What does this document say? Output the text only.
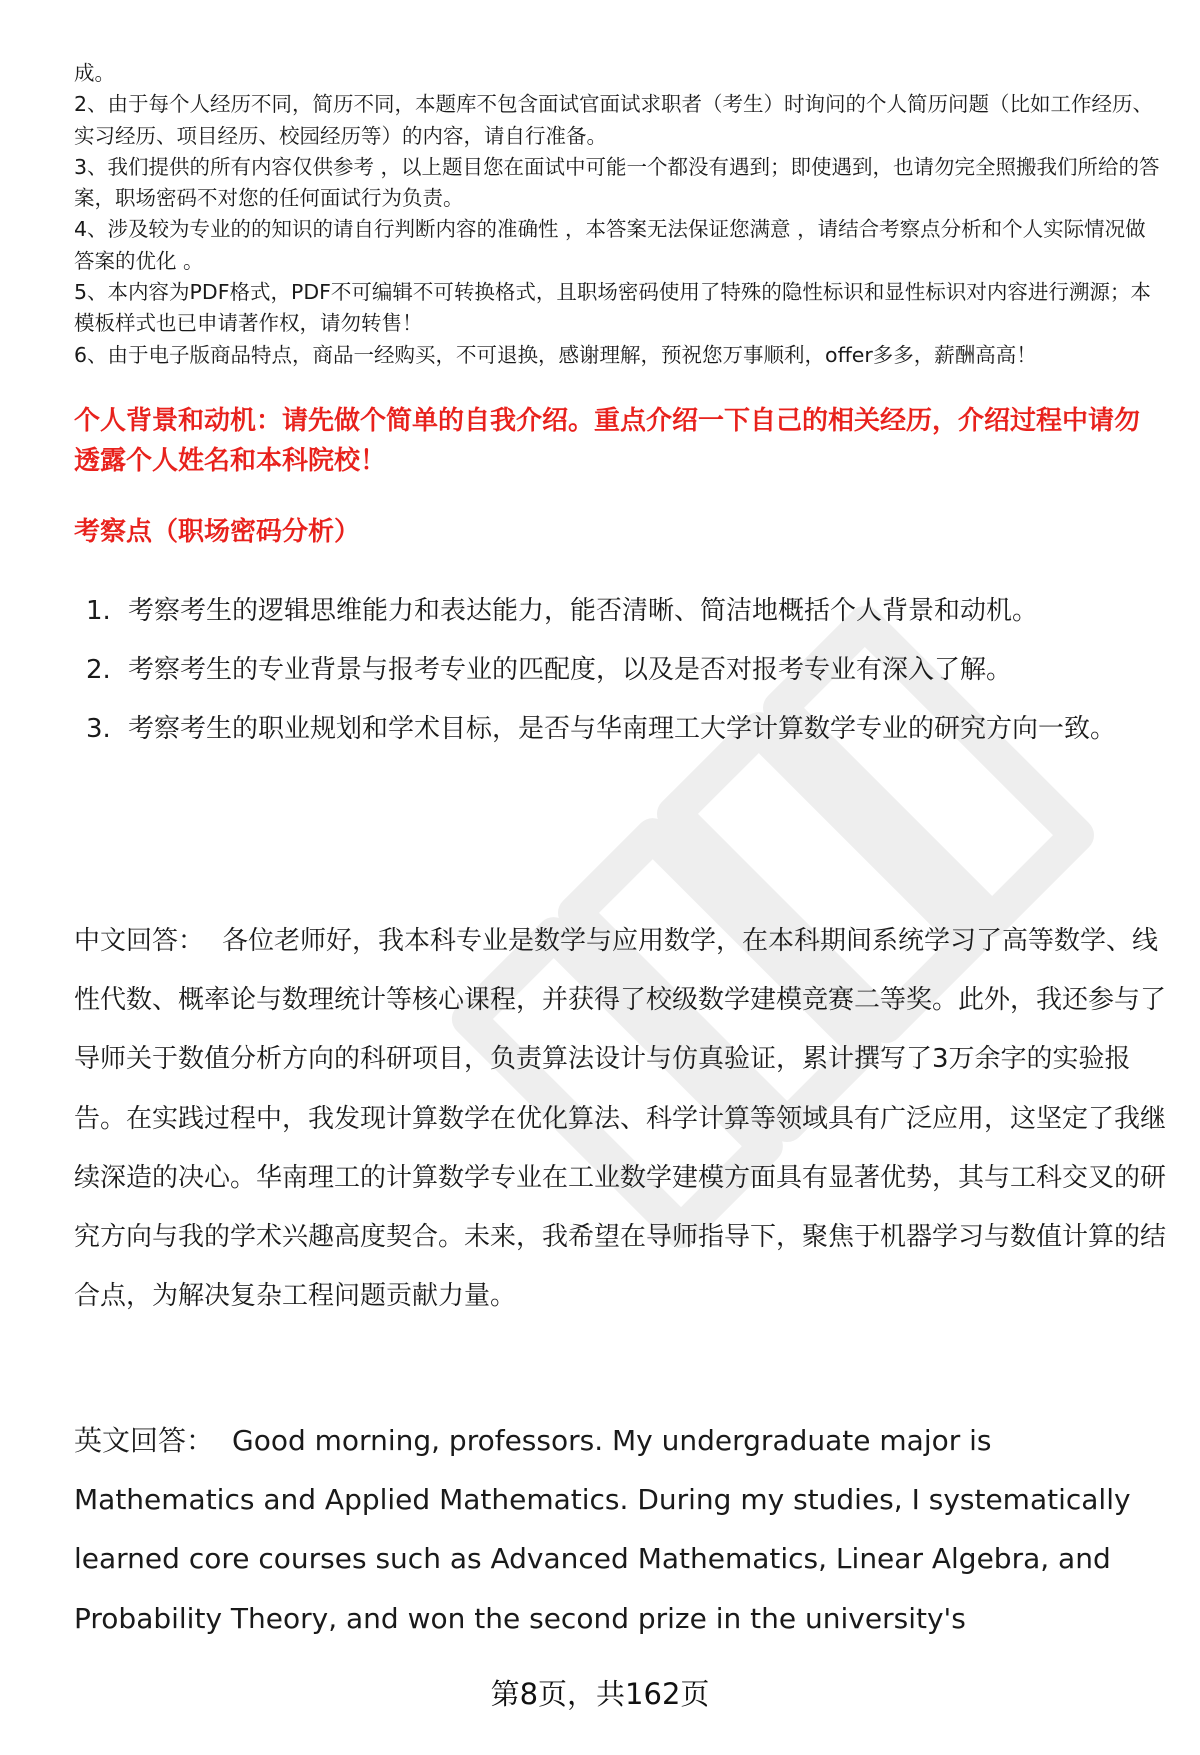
成。

2、由于每个人经历不同，简历不同，本题库不包含面试官面试求职者（考生）时询问的个人简历问题（比如工作经历、实习经历、项目经历、校园经历等）的内容，请自行准备。

3、我们提供的所有内容仅供参考 ，以上题目您在面试中可能一个都没有遇到；即使遇到，也请勿完全照搬我们所给的答案，职场密码不对您的任何面试行为负责。

4、涉及较为专业的的知识的请自行判断内容的准确性 ，本答案无法保证您满意 ，请结合考察点分析和个人实际情况做答案的优化 。

5、本内容为PDF格式，PDF不可编辑不可转换格式，且职场密码使用了特殊的隐性标识和显性标识对内容进行溯源；本模板样式也已申请著作权，请勿转售！

6、由于电子版商品特点，商品一经购买，不可退换，感谢理解，预祝您万事顺利，offer多多，薪酬高高！

个人背景和动机：请先做个简单的自我介绍。重点介绍一下自己的相关经历，介绍过程中请勿透露个人姓名和本科院校！
考察点（职场密码分析）
1. 考察考生的逻辑思维能力和表达能力，能否清晰、简洁地概括个人背景和动机。
2. 考察考生的专业背景与报考专业的匹配度，以及是否对报考专业有深入了解。
3. 考察考生的职业规划和学术目标，是否与华南理工大学计算数学专业的研究方向一致。

中文回答： 各位老师好，我本科专业是数学与应用数学，在本科期间系统学习了高等数学、线性代数、概率论与数理统计等核心课程，并获得了校级数学建模竞赛二等奖。此外，我还参与了导师关于数值分析方向的科研项目，负责算法设计与仿真验证，累计撰写了3万余字的实验报告。在实践过程中，我发现计算数学在优化算法、科学计算等领域具有广泛应用，这坚定了我继续深造的决心。华南理工的计算数学专业在工业数学建模方面具有显著优势，其与工科交叉的研究方向与我的学术兴趣高度契合。未来，我希望在导师指导下，聚焦于机器学习与数值计算的结合点，为解决复杂工程问题贡献力量。

英文回答： Good morning, professors. My undergraduate major is Mathematics and Applied Mathematics. During my studies, I systematically learned core courses such as Advanced Mathematics, Linear Algebra, and Probability Theory, and won the second prize in the university's

第8页，共162页
